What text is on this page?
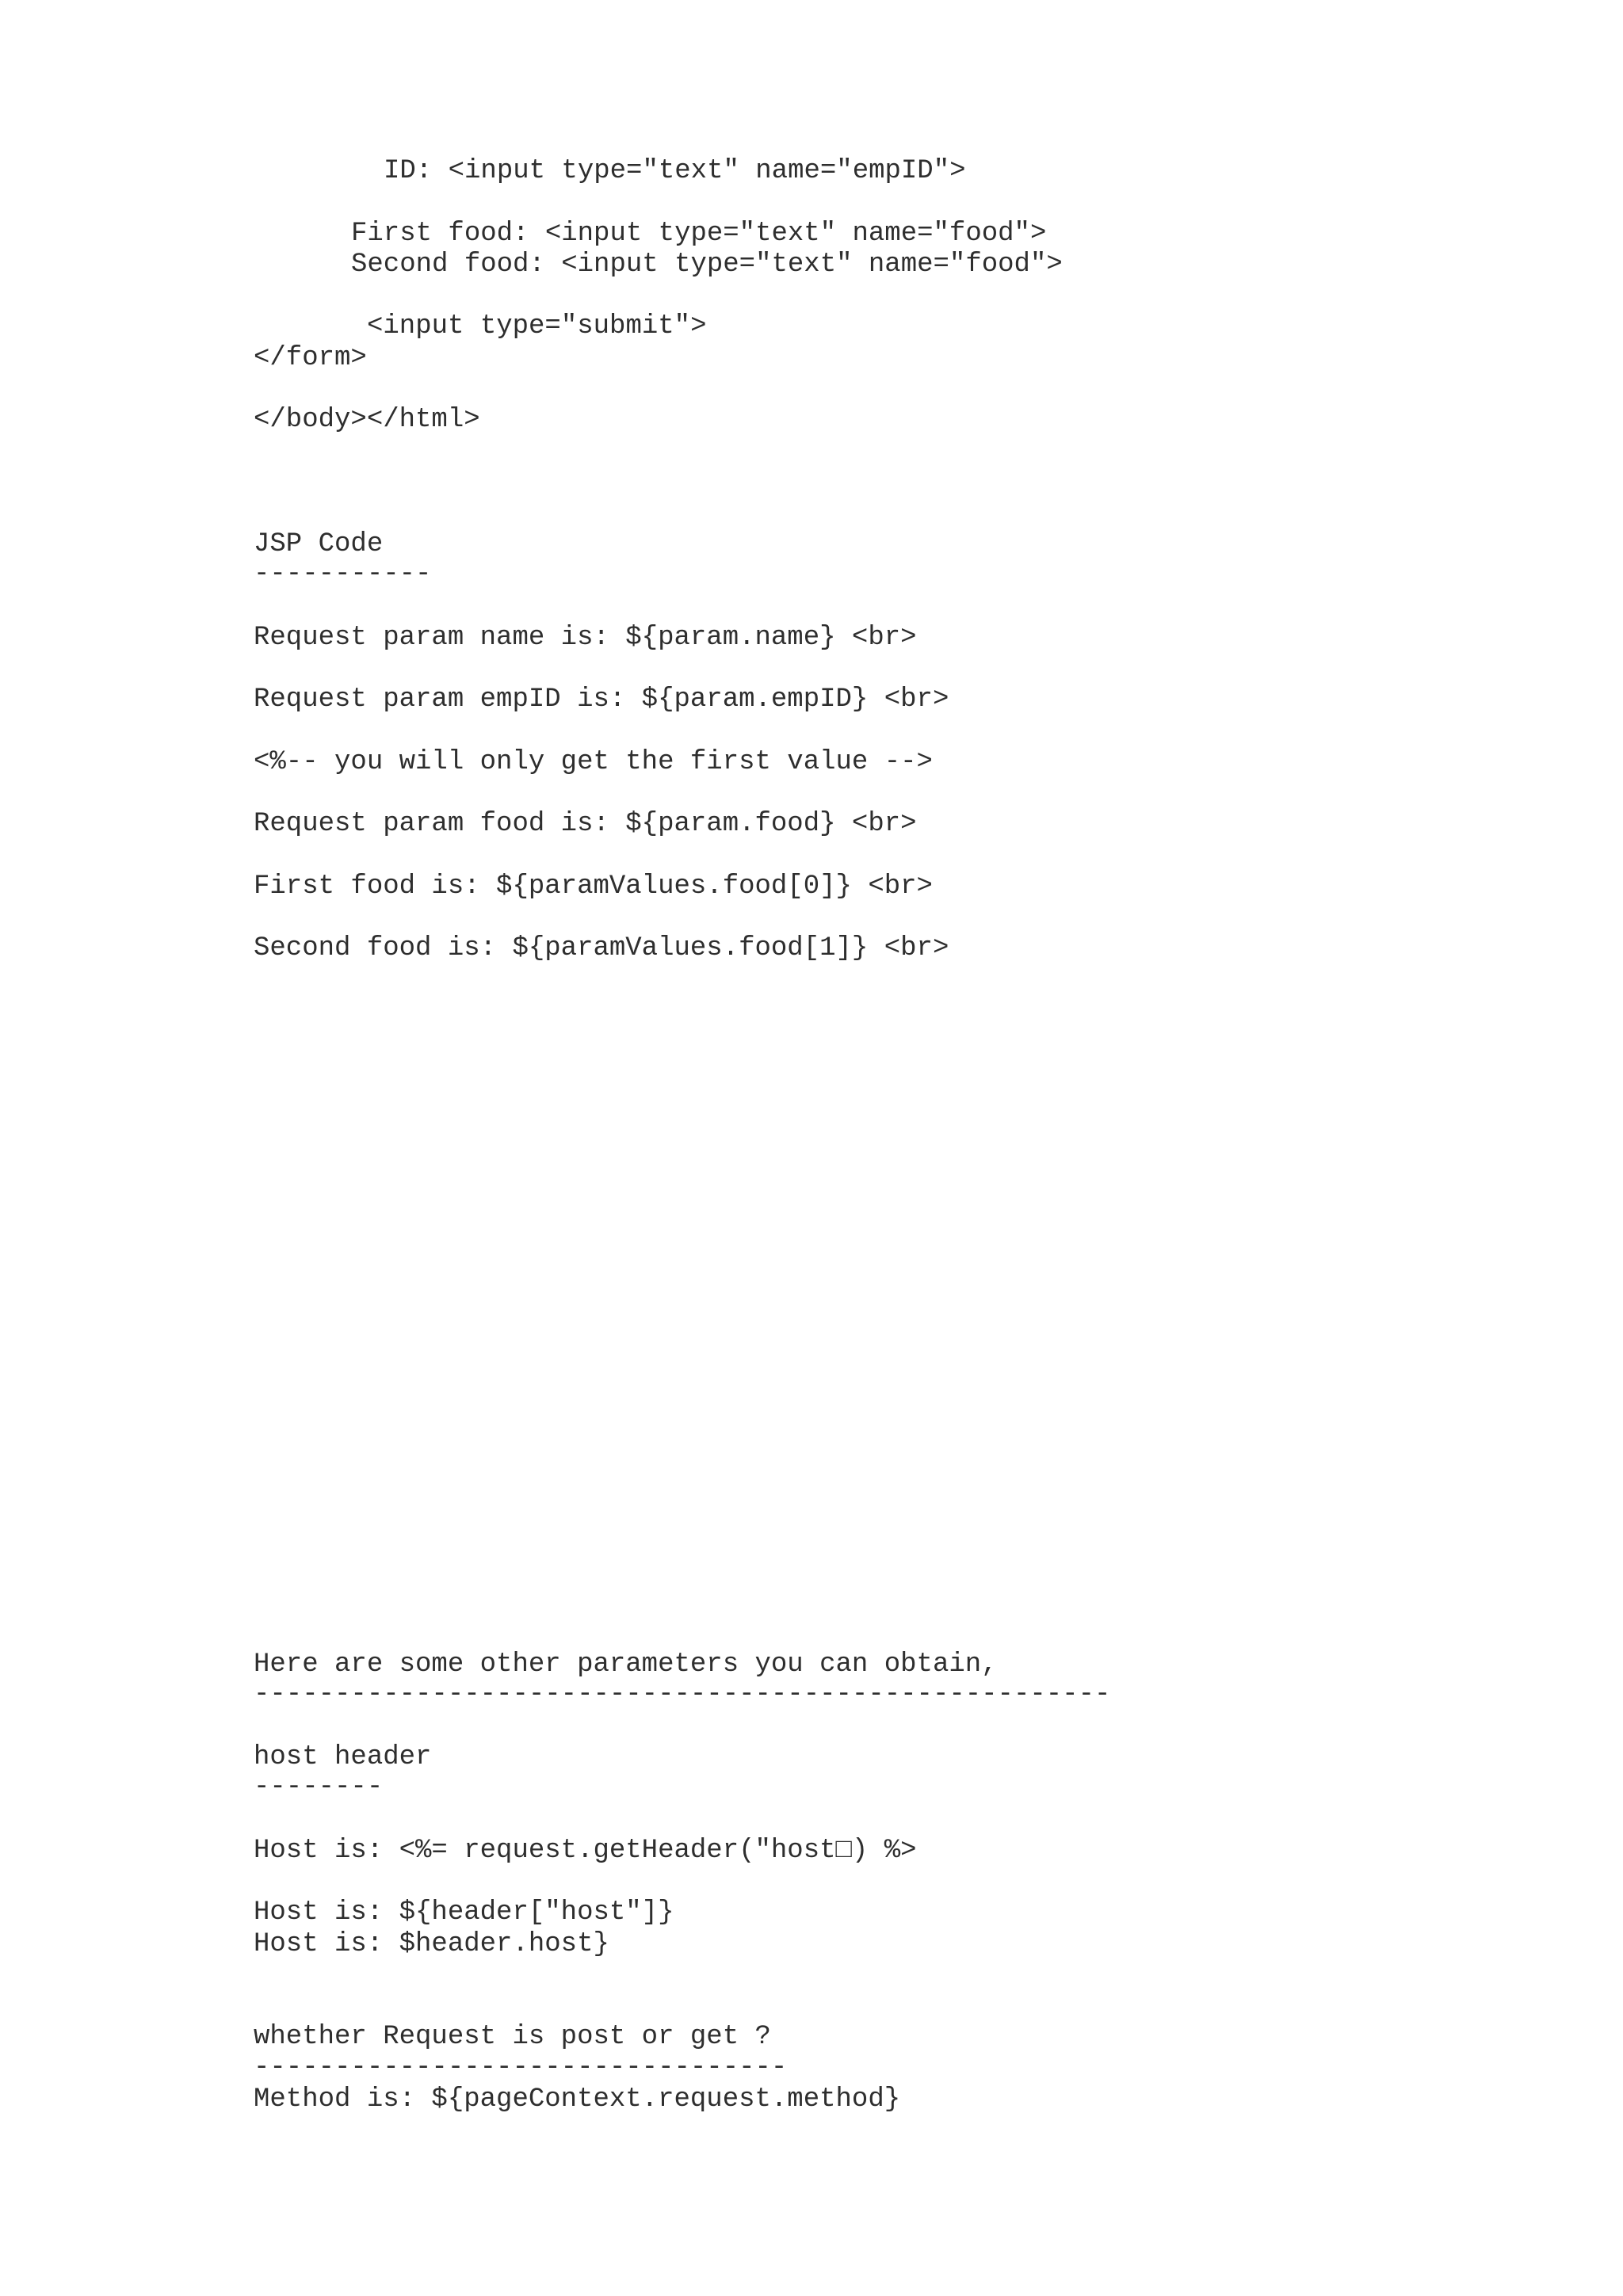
ID: <input type="text" name="empID">

First food: <input type="text" name="food">

Second food: <input type="text" name="food">

<input type="submit">

</form>

</body></html>

JSP Code

-----------

Request param name is: ${param.name} <br>

Request param empID is: ${param.empID} <br>

<%-- you will only get the first value -->

Request param food is: ${param.food} <br>

First food is: ${paramValues.food[0]} <br>

Second food is: ${paramValues.food[1]} <br>

Here are some other parameters you can obtain,

-----------------------------------------------------

host header

--------

Host is: <%= request.getHeader("host□) %>

Host is: ${header["host"]}

Host is: $header.host}

whether Request is post or get ?

---------------------------------

Method is: ${pageContext.request.method}
